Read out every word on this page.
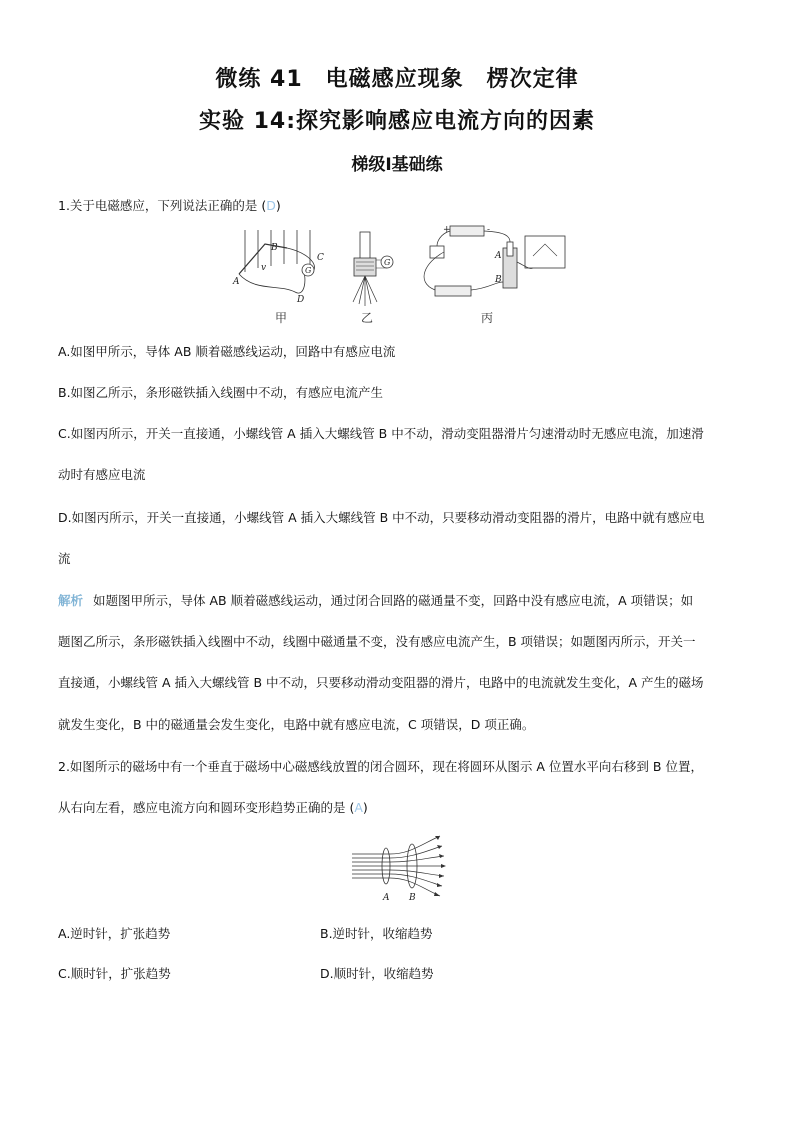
微练 41　电磁感应现象　楞次定律
实验 14:探究影响感应电流方向的因素
梯级Ⅰ基础练
1.关于电磁感应，下列说法正确的是 (D)
A
B
C
D
v	G
G
A
B
+	-
甲	乙	丙
A.如图甲所示，导体 AB 顺着磁感线运动，回路中有感应电流
B.如图乙所示，条形磁铁插入线圈中不动，有感应电流产生
C.如图丙所示，开关一直接通，小螺线管 A 插入大螺线管 B 中不动，滑动变阻器滑片匀速滑动时无感应电流，加速滑
动时有感应电流
D.如图丙所示，开关一直接通，小螺线管 A 插入大螺线管 B 中不动，只要移动滑动变阻器的滑片，电路中就有感应电
流
解析 如题图甲所示，导体 AB 顺着磁感线运动，通过闭合回路的磁通量不变，回路中没有感应电流，A 项错误；如
题图乙所示，条形磁铁插入线圈中不动，线圈中磁通量不变，没有感应电流产生，B 项错误；如题图丙所示，开关一
直接通，小螺线管 A 插入大螺线管 B 中不动，只要移动滑动变阻器的滑片，电路中的电流就发生变化，A 产生的磁场
就发生变化，B 中的磁通量会发生变化，电路中就有感应电流，C 项错误，D 项正确。
2.如图所示的磁场中有一个垂直于磁场中心磁感线放置的闭合圆环，现在将圆环从图示 A 位置水平向右移到 B 位置，
从右向左看，感应电流方向和圆环变形趋势正确的是 (A)
A B
A.逆时针，扩张趋势	B.逆时针，收缩趋势
C.顺时针，扩张趋势	D.顺时针，收缩趋势
